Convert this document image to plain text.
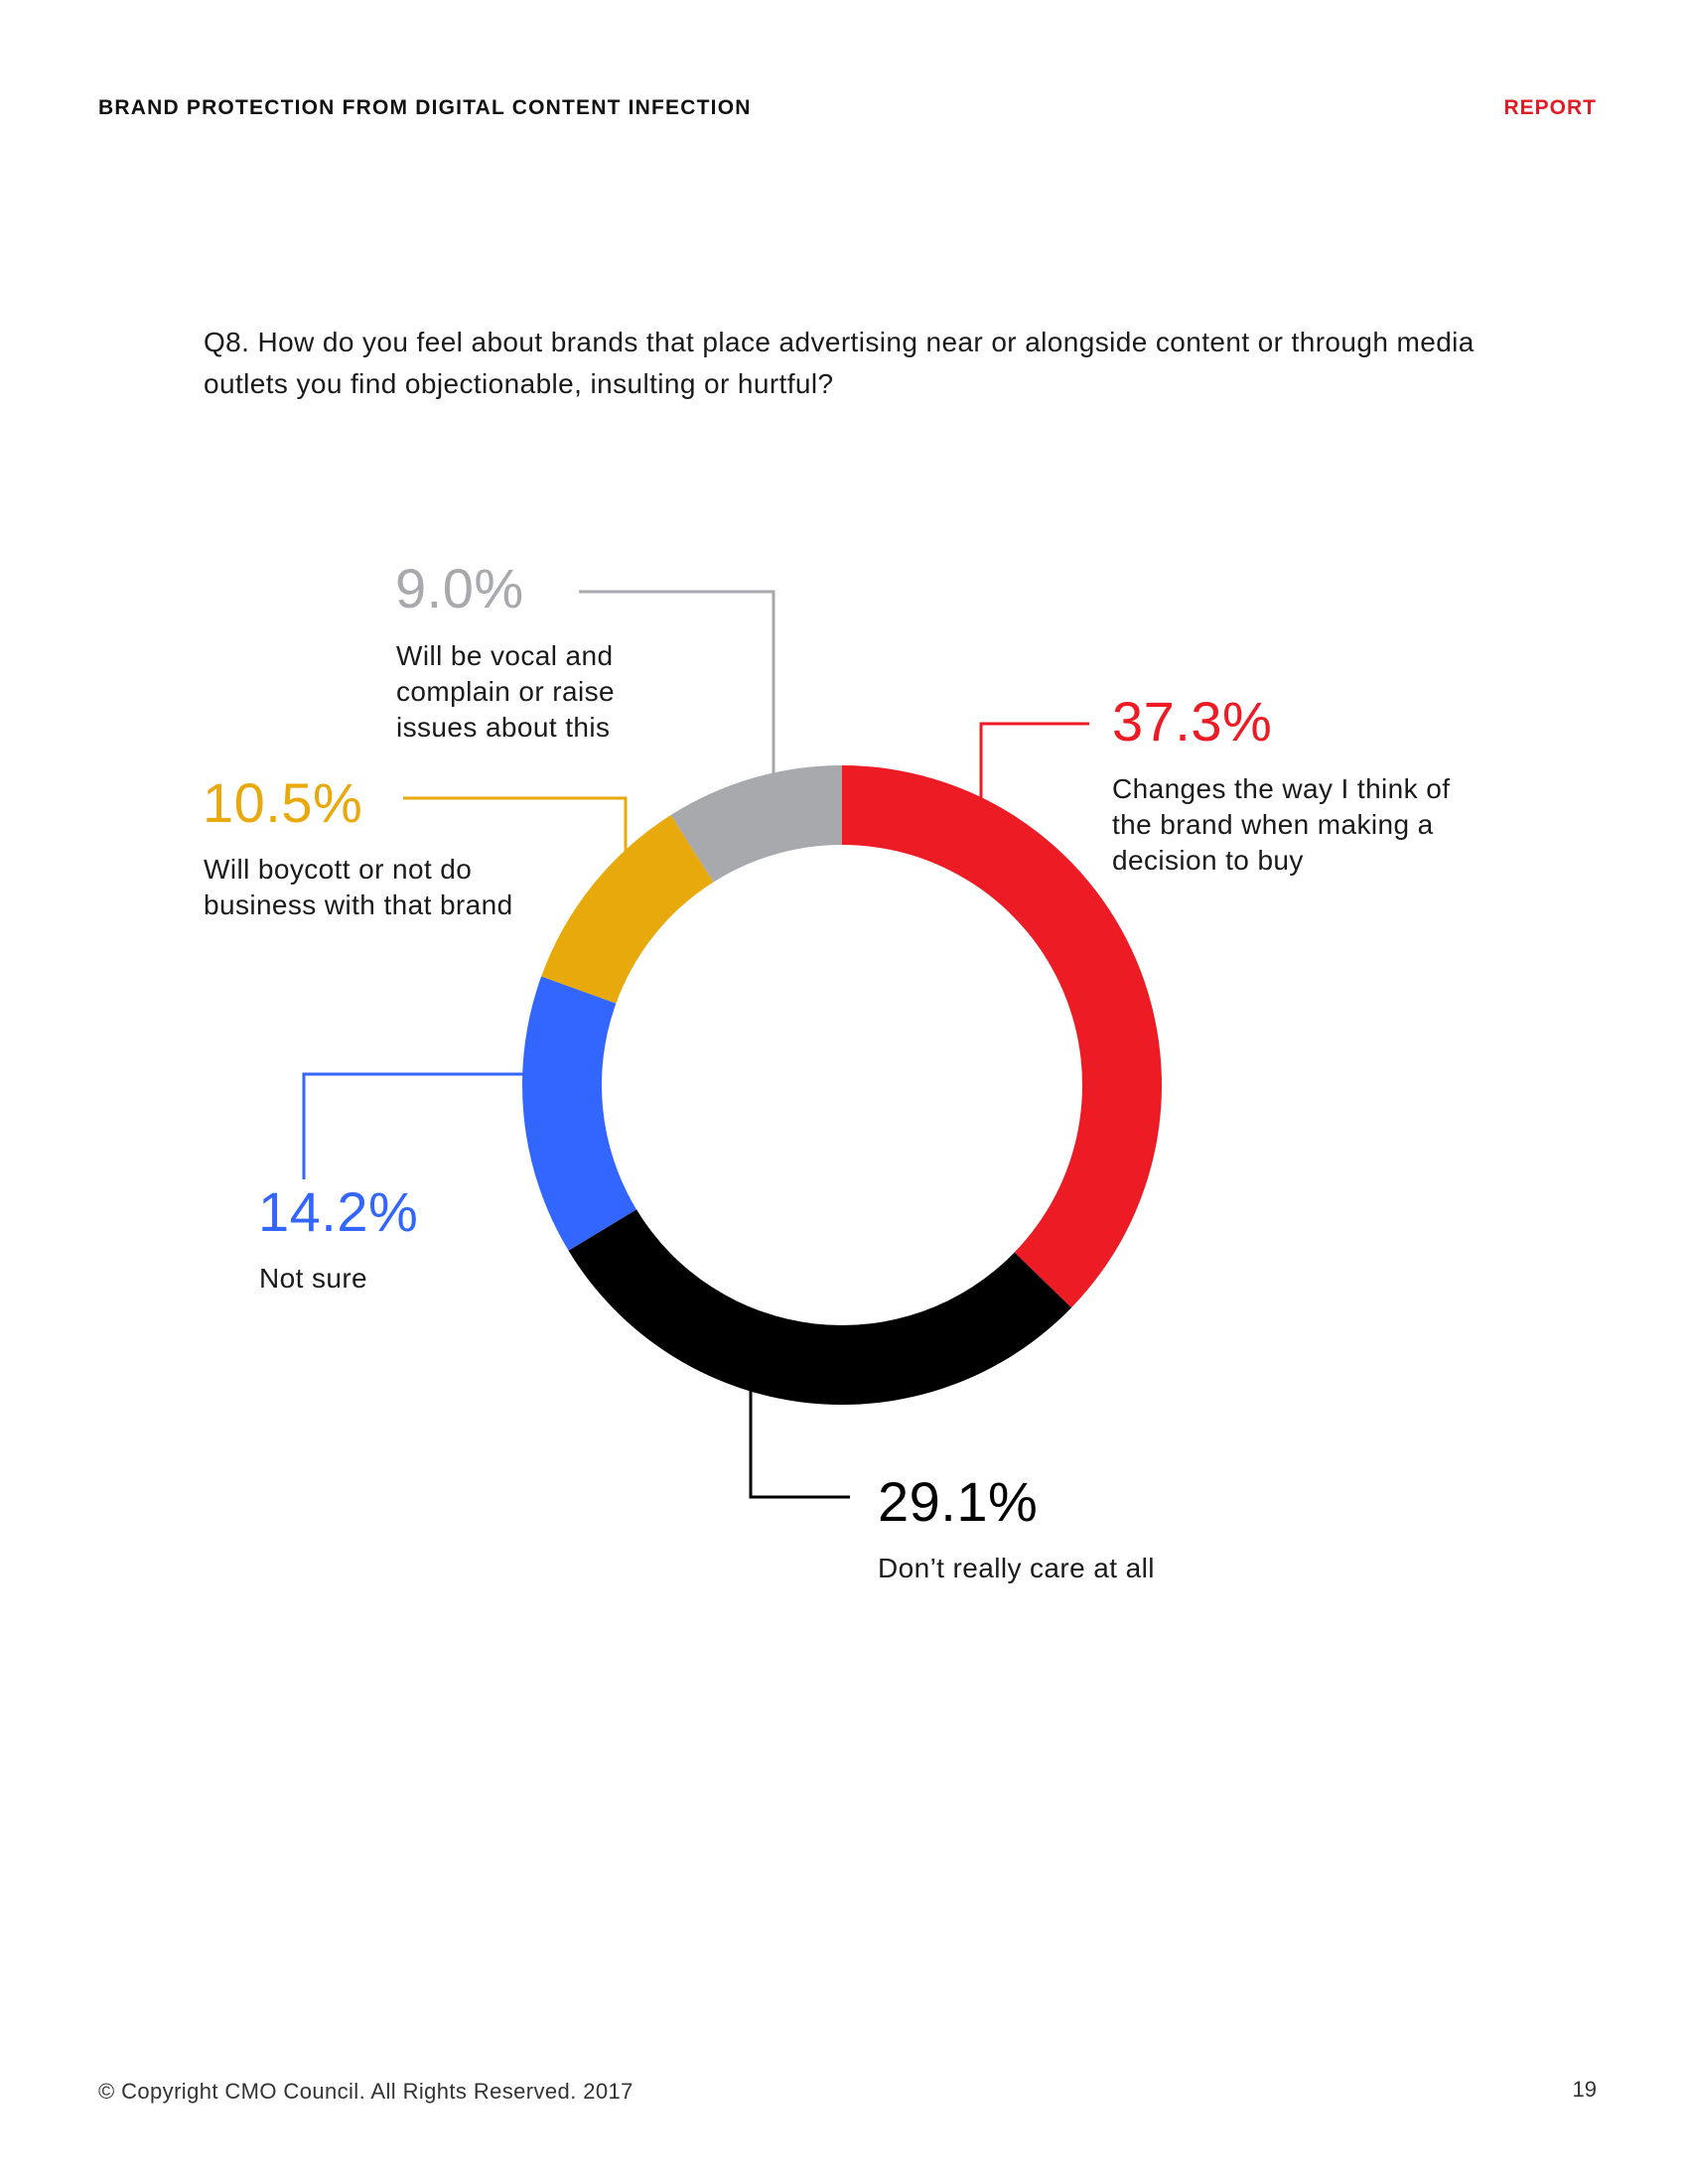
BRAND PROTECTION FROM DIGITAL CONTENT INFECTION	REPORT
Q8. How do you feel about brands that place advertising near or alongside content or through media outlets you find objectionable, insulting or hurtful?
37.3%
Changes the way I think of the brand when making a decision to buy
29.1%
Don’t really care at all
14.2%
Not sure
10.5%
Will boycott or not do business with that brand
9.0%
Will be vocal and complain or raise issues about this
© Copyright CMO Council. All Rights Reserved. 2017	19
